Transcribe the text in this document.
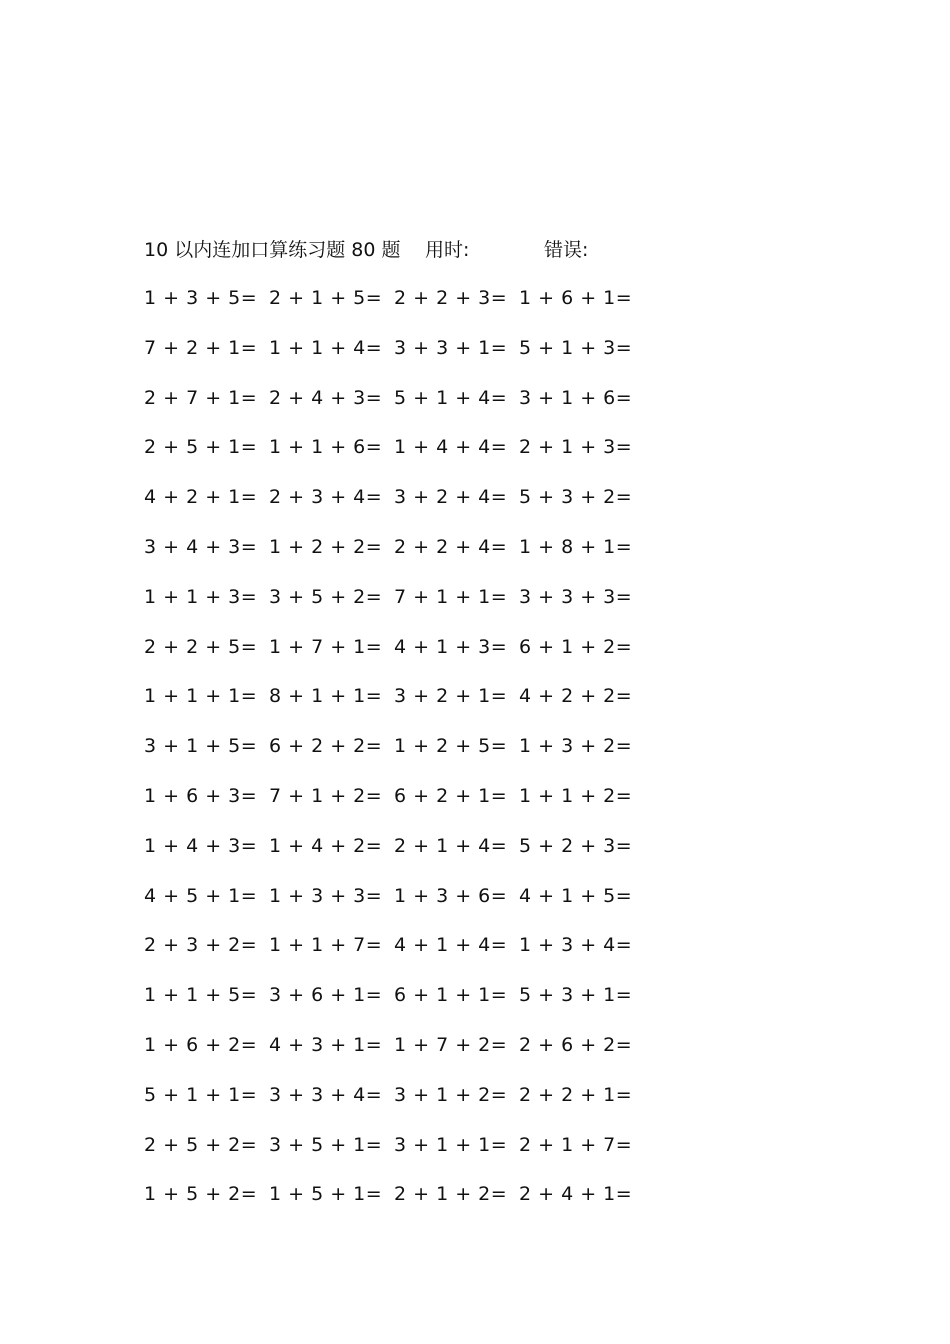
10 以内连加口算练习题 80 题 用时:	错误:
1 + 3 + 5= 2 + 1 + 5= 2 + 2 + 3= 1 + 6 + 1=
7 + 2 + 1= 1 + 1 + 4= 3 + 3 + 1= 5 + 1 + 3=
2 + 7 + 1= 2 + 4 + 3= 5 + 1 + 4= 3 + 1 + 6=
2 + 5 + 1= 1 + 1 + 6= 1 + 4 + 4= 2 + 1 + 3=
4 + 2 + 1= 2 + 3 + 4= 3 + 2 + 4= 5 + 3 + 2=
3 + 4 + 3= 1 + 2 + 2= 2 + 2 + 4= 1 + 8 + 1=
1 + 1 + 3= 3 + 5 + 2= 7 + 1 + 1= 3 + 3 + 3=
2 + 2 + 5= 1 + 7 + 1= 4 + 1 + 3= 6 + 1 + 2=
1 + 1 + 1= 8 + 1 + 1= 3 + 2 + 1= 4 + 2 + 2=
3 + 1 + 5= 6 + 2 + 2= 1 + 2 + 5= 1 + 3 + 2=
1 + 6 + 3= 7 + 1 + 2= 6 + 2 + 1= 1 + 1 + 2=
1 + 4 + 3= 1 + 4 + 2= 2 + 1 + 4= 5 + 2 + 3=
4 + 5 + 1= 1 + 3 + 3= 1 + 3 + 6= 4 + 1 + 5=
2 + 3 + 2= 1 + 1 + 7= 4 + 1 + 4= 1 + 3 + 4=
1 + 1 + 5= 3 + 6 + 1= 6 + 1 + 1= 5 + 3 + 1=
1 + 6 + 2= 4 + 3 + 1= 1 + 7 + 2= 2 + 6 + 2=
5 + 1 + 1= 3 + 3 + 4= 3 + 1 + 2= 2 + 2 + 1=
2 + 5 + 2= 3 + 5 + 1= 3 + 1 + 1= 2 + 1 + 7=
1 + 5 + 2= 1 + 5 + 1= 2 + 1 + 2= 2 + 4 + 1=
